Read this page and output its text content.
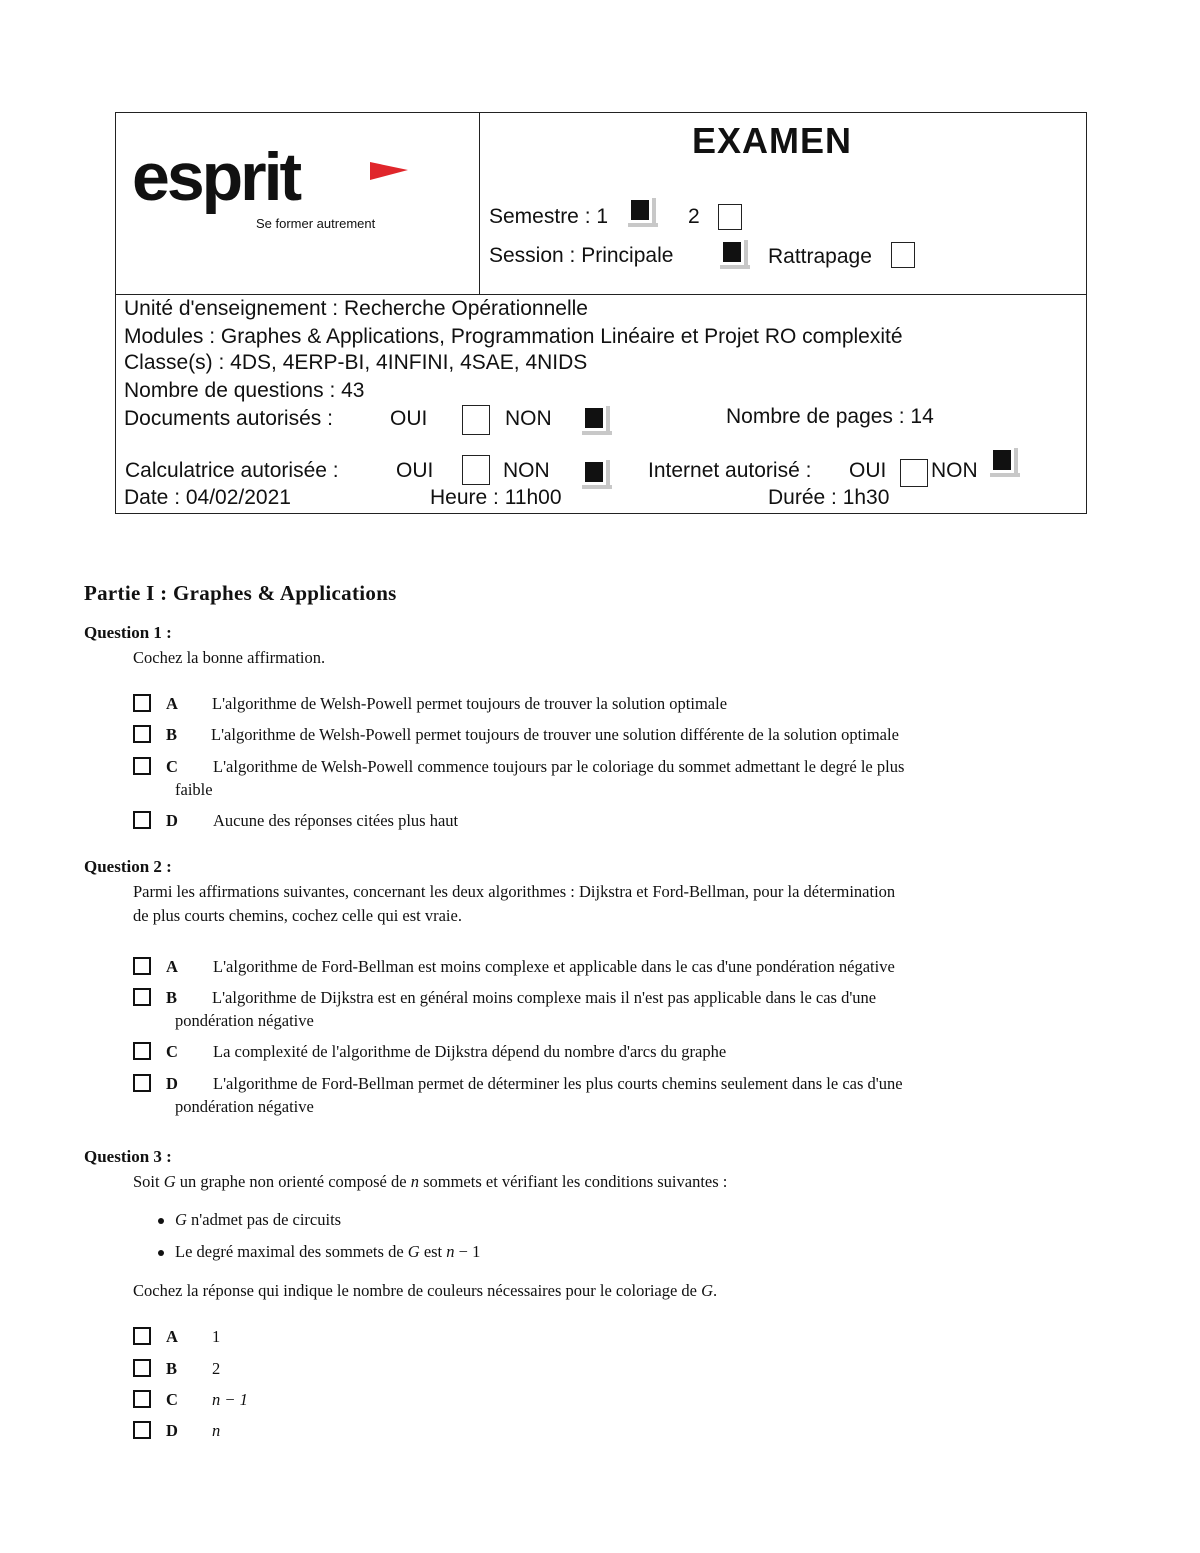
esprit
Se former autrement
EXAMEN
Semestre : 1	2
Session : Principale	Rattrapage
Unité d'enseignement : Recherche Opérationnelle
Modules : Graphes & Applications, Programmation Linéaire et Projet RO complexité
Classe(s) : 4DS, 4ERP-BI, 4INFINI, 4SAE, 4NIDS
Nombre de questions : 43
Documents autorisés :	OUI	NON	Nombre de pages : 14
Calculatrice autorisée :	OUI	NON	Internet autorisé : OUI NON
Date : 04/02/2021	Heure : 11h00	Durée : 1h30
Partie I : Graphes & Applications
Question 1 :
Cochez la bonne affirmation.
A L'algorithme de Welsh-Powell permet toujours de trouver la solution optimale
B L'algorithme de Welsh-Powell permet toujours de trouver une solution différente de la solution optimale
C L'algorithme de Welsh-Powell commence toujours par le coloriage du sommet admettant le degré le plus
faible
D Aucune des réponses citées plus haut
Question 2 :
Parmi les affirmations suivantes, concernant les deux algorithmes : Dijkstra et Ford-Bellman, pour la détermination
de plus courts chemins, cochez celle qui est vraie.
A L'algorithme de Ford-Bellman est moins complexe et applicable dans le cas d'une pondération négative
B L'algorithme de Dijkstra est en général moins complexe mais il n'est pas applicable dans le cas d'une
pondération négative
C La complexité de l'algorithme de Dijkstra dépend du nombre d'arcs du graphe
D L'algorithme de Ford-Bellman permet de déterminer les plus courts chemins seulement dans le cas d'une
pondération négative
Question 3 :
Soit G un graphe non orienté composé de n sommets et vérifiant les conditions suivantes :
G n'admet pas de circuits
Le degré maximal des sommets de G est n − 1
Cochez la réponse qui indique le nombre de couleurs nécessaires pour le coloriage de G.
A 1
B 2
C n − 1
D n
